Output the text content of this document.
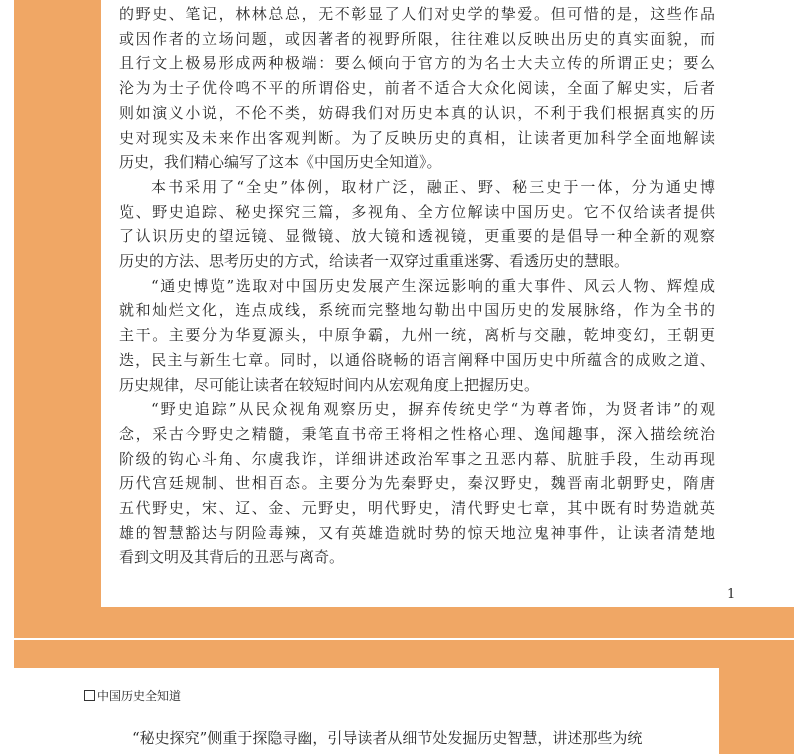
的野史、笔记，林林总总，无不彰显了人们对史学的挚爱。但可惜的是，这些作品
或因作者的立场问题，或因著者的视野所限，往往难以反映出历史的真实面貌，而
且行文上极易形成两种极端：要么倾向于官方的为名士大夫立传的所谓正史；要么
沦为为士子优伶鸣不平的所谓俗史，前者不适合大众化阅读，全面了解史实，后者
则如演义小说，不伦不类，妨碍我们对历史本真的认识，不利于我们根据真实的历
史对现实及未来作出客观判断。为了反映历史的真相，让读者更加科学全面地解读
历史，我们精心编写了这本《中国历史全知道》。
本书采用了“全史”体例，取材广泛，融正、野、秘三史于一体，分为通史博
览、野史追踪、秘史探究三篇，多视角、全方位解读中国历史。它不仅给读者提供
了认识历史的望远镜、显微镜、放大镜和透视镜，更重要的是倡导一种全新的观察
历史的方法、思考历史的方式，给读者一双穿过重重迷雾、看透历史的慧眼。
“通史博览”选取对中国历史发展产生深远影响的重大事件、风云人物、辉煌成
就和灿烂文化，连点成线，系统而完整地勾勒出中国历史的发展脉络，作为全书的
主干。主要分为华夏源头，中原争霸，九州一统，离析与交融，乾坤变幻，王朝更
迭，民主与新生七章。同时，以通俗晓畅的语言阐释中国历史中所蕴含的成败之道、
历史规律，尽可能让读者在较短时间内从宏观角度上把握历史。
“野史追踪”从民众视角观察历史，摒弃传统史学“为尊者饰，为贤者讳”的观
念，采古今野史之精髓，秉笔直书帝王将相之性格心理、逸闻趣事，深入描绘统治
阶级的钩心斗角、尔虞我诈，详细讲述政治军事之丑恶内幕、肮脏手段，生动再现
历代宫廷规制、世相百态。主要分为先秦野史，秦汉野史，魏晋南北朝野史，隋唐
五代野史，宋、辽、金、元野史，明代野史，清代野史七章，其中既有时势造就英
雄的智慧豁达与阴险毒辣，又有英雄造就时势的惊天地泣鬼神事件，让读者清楚地
看到文明及其背后的丑恶与离奇。
1
中国历史全知道
“秘史探究”侧重于探隐寻幽，引导读者从细节处发掘历史智慧，讲述那些为统
